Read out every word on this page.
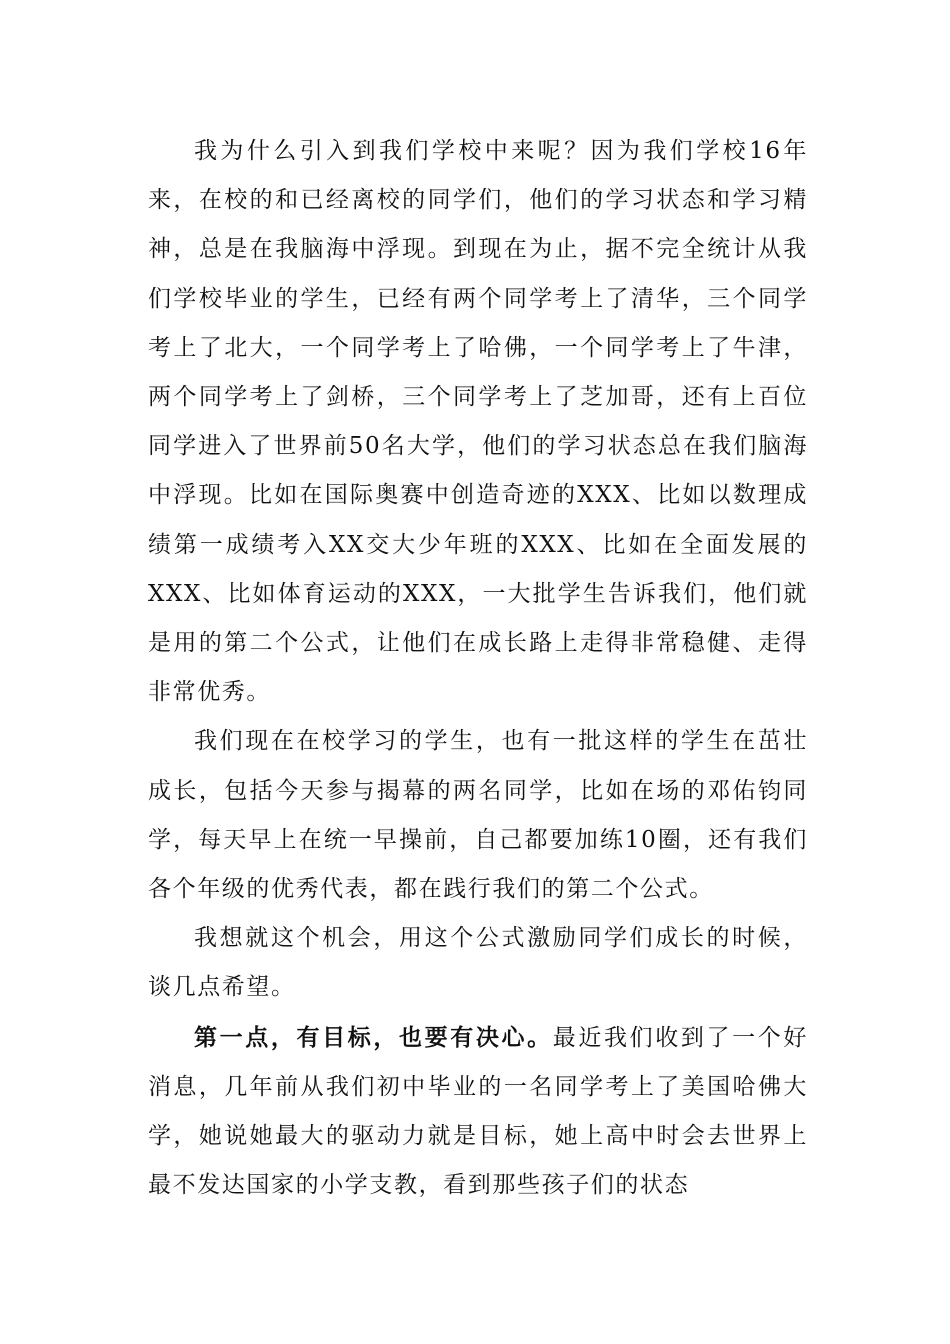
我为什么引入到我们学校中来呢？因为我们学校16年来，在校的和已经离校的同学们，他们的学习状态和学习精神，总是在我脑海中浮现。到现在为止，据不完全统计从我们学校毕业的学生，已经有两个同学考上了清华，三个同学考上了北大，一个同学考上了哈佛，一个同学考上了牛津，两个同学考上了剑桥，三个同学考上了芝加哥，还有上百位同学进入了世界前50名大学，他们的学习状态总在我们脑海中浮现。比如在国际奥赛中创造奇迹的XXX、比如以数理成绩第一成绩考入XX交大少年班的XXX、比如在全面发展的XXX、比如体育运动的XXX，一大批学生告诉我们，他们就是用的第二个公式，让他们在成长路上走得非常稳健、走得非常优秀。

我们现在在校学习的学生，也有一批这样的学生在茁壮成长，包括今天参与揭幕的两名同学，比如在场的邓佑钧同学，每天早上在统一早操前，自己都要加练10圈，还有我们各个年级的优秀代表，都在践行我们的第二个公式。

我想就这个机会，用这个公式激励同学们成长的时候，谈几点希望。

第一点，有目标，也要有决心。最近我们收到了一个好消息，几年前从我们初中毕业的一名同学考上了美国哈佛大学，她说她最大的驱动力就是目标，她上高中时会去世界上最不发达国家的小学支教，看到那些孩子们的状态
